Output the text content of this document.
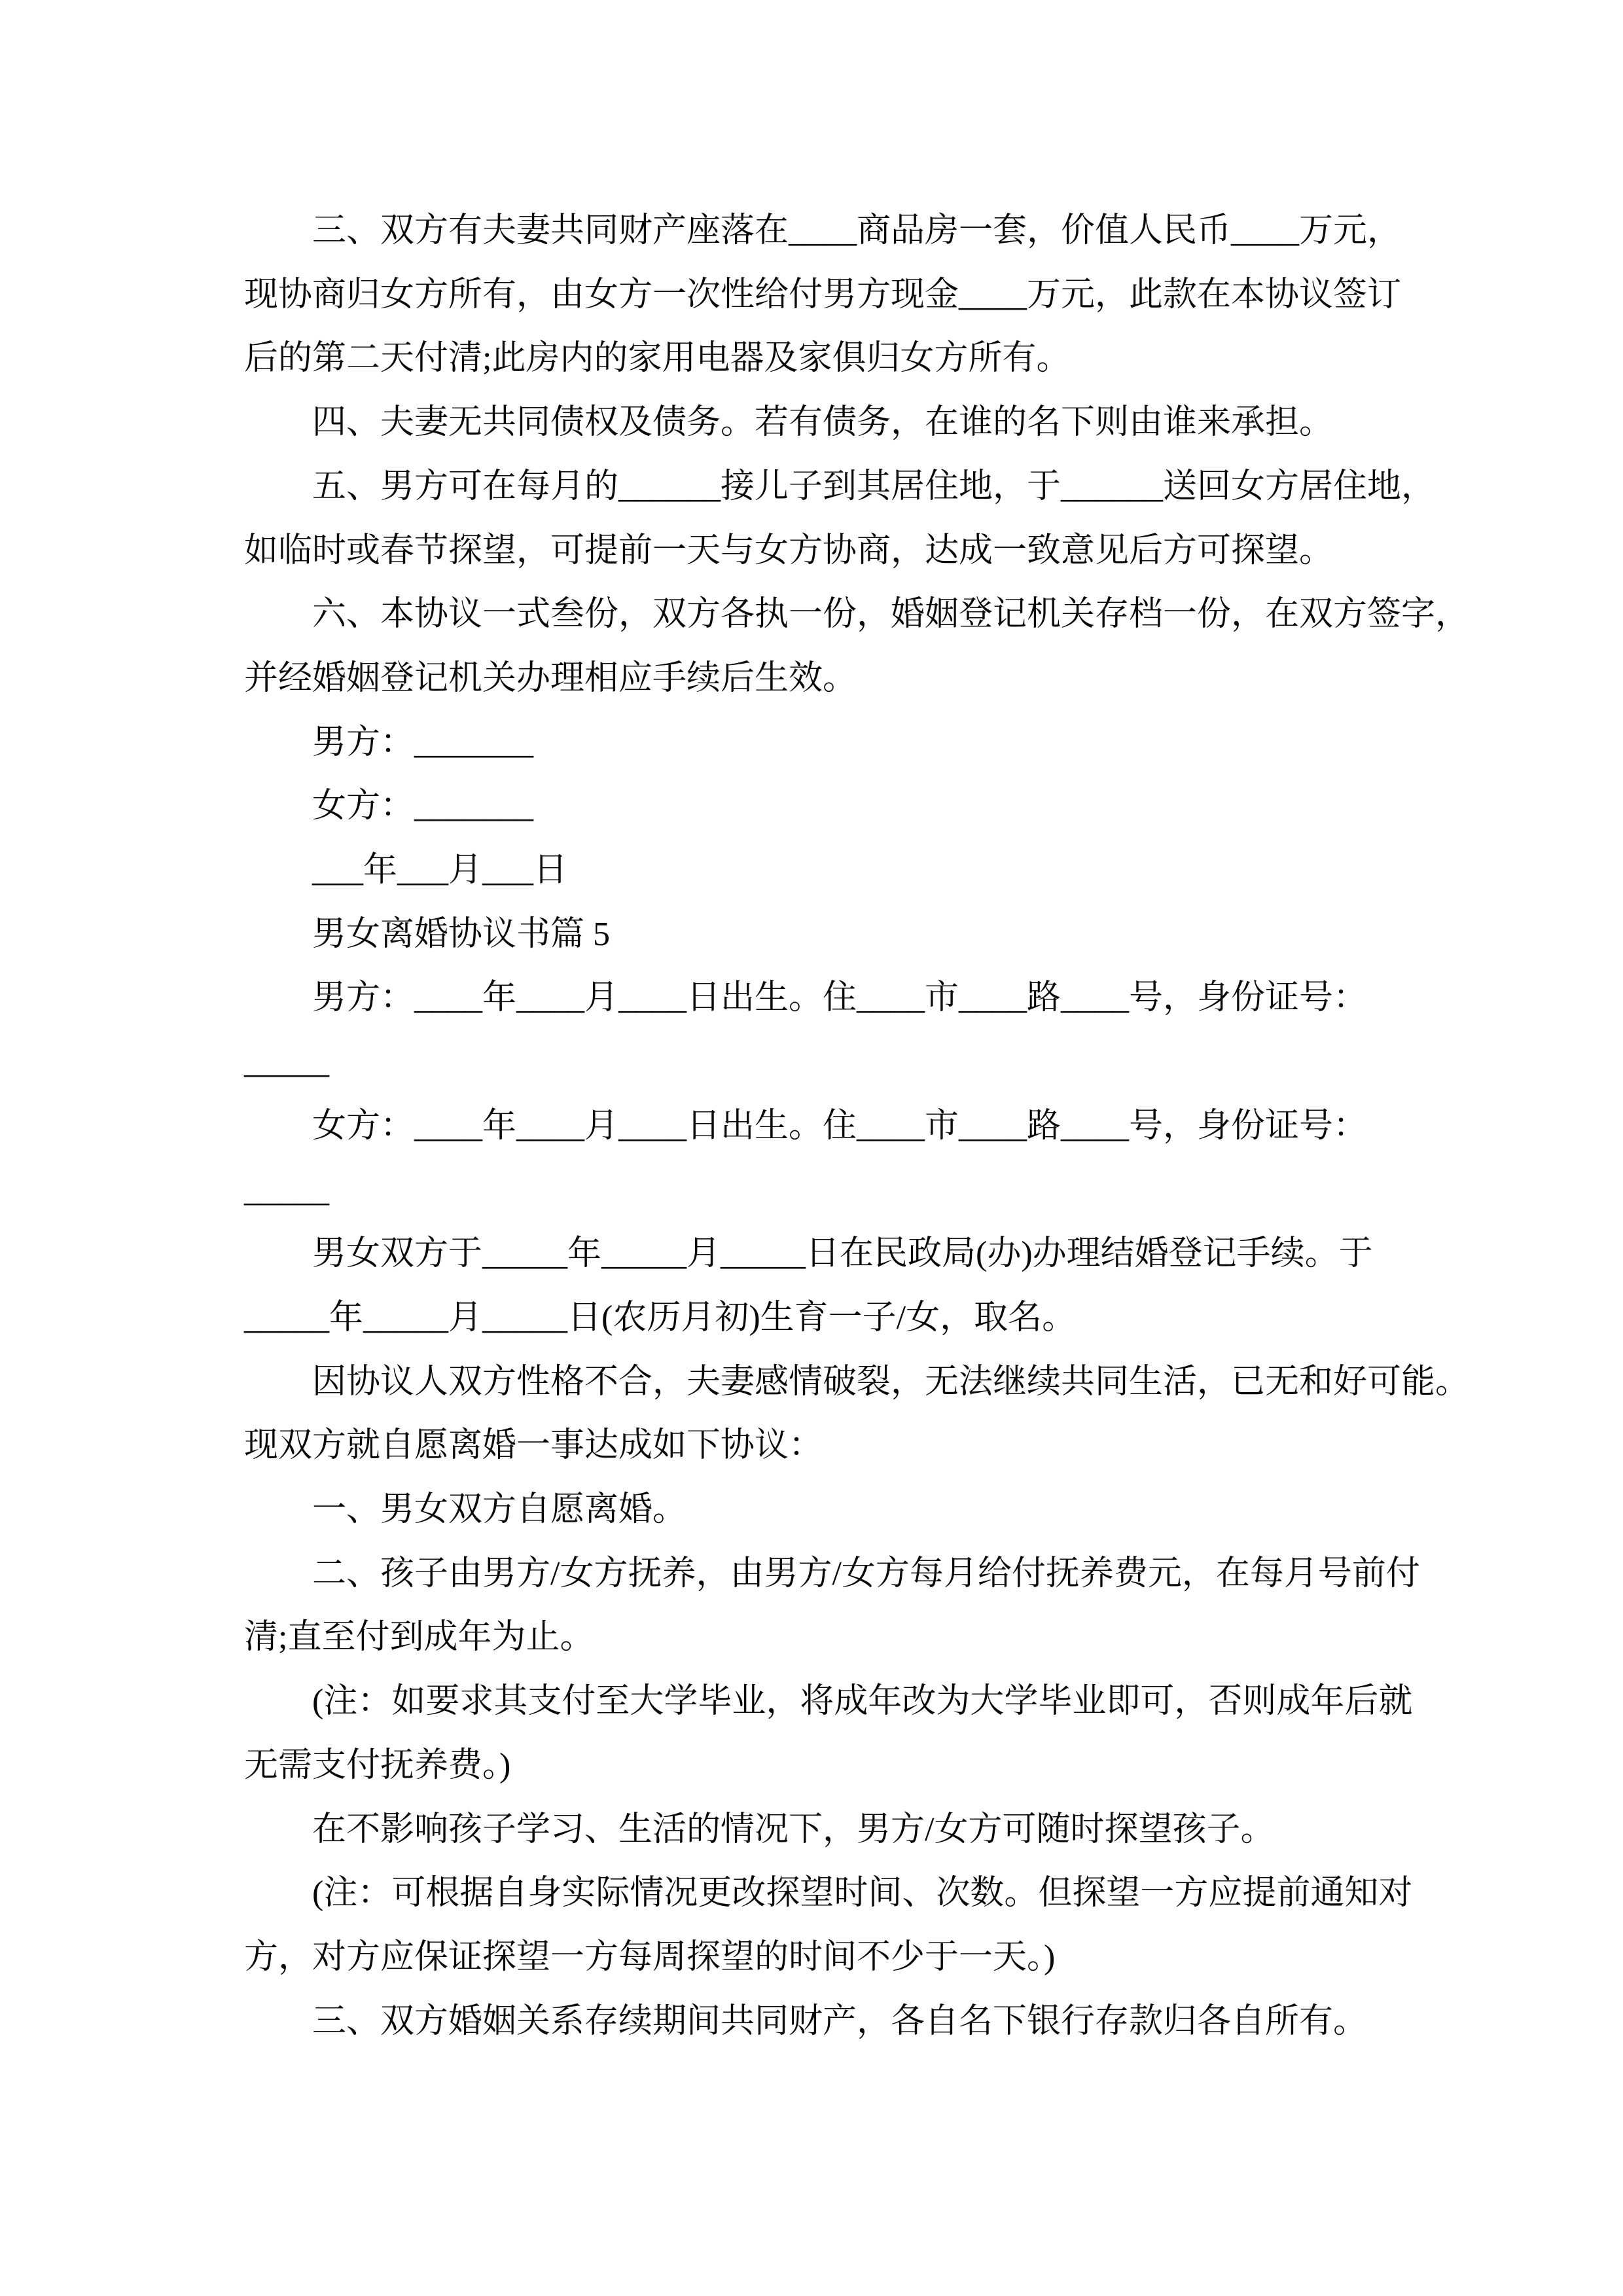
三、双方有夫妻共同财产座落在____商品房一套，价值人民币____万元，
现协商归女方所有，由女方一次性给付男方现金____万元，此款在本协议签订
后的第二天付清;此房内的家用电器及家俱归女方所有。
四、夫妻无共同债权及债务。若有债务，在谁的名下则由谁来承担。
五、男方可在每月的______接儿子到其居住地，于______送回女方居住地，
如临时或春节探望，可提前一天与女方协商，达成一致意见后方可探望。
六、本协议一式叁份，双方各执一份，婚姻登记机关存档一份，在双方签字，
并经婚姻登记机关办理相应手续后生效。
男方：_______
女方：_______
___年___月___日
男女离婚协议书篇 5
男方：____年____月____日出生。住____市____路____号，身份证号：
_____
女方：____年____月____日出生。住____市____路____号，身份证号：
_____
男女双方于_____年_____月_____日在民政局(办)办理结婚登记手续。于
_____年_____月_____日(农历月初)生育一子/女，取名。
因协议人双方性格不合，夫妻感情破裂，无法继续共同生活，已无和好可能。
现双方就自愿离婚一事达成如下协议：
一、男女双方自愿离婚。
二、孩子由男方/女方抚养，由男方/女方每月给付抚养费元，在每月号前付
清;直至付到成年为止。
(注：如要求其支付至大学毕业，将成年改为大学毕业即可，否则成年后就
无需支付抚养费。)
在不影响孩子学习、生活的情况下，男方/女方可随时探望孩子。
(注：可根据自身实际情况更改探望时间、次数。但探望一方应提前通知对
方，对方应保证探望一方每周探望的时间不少于一天。)
三、双方婚姻关系存续期间共同财产，各自名下银行存款归各自所有。
